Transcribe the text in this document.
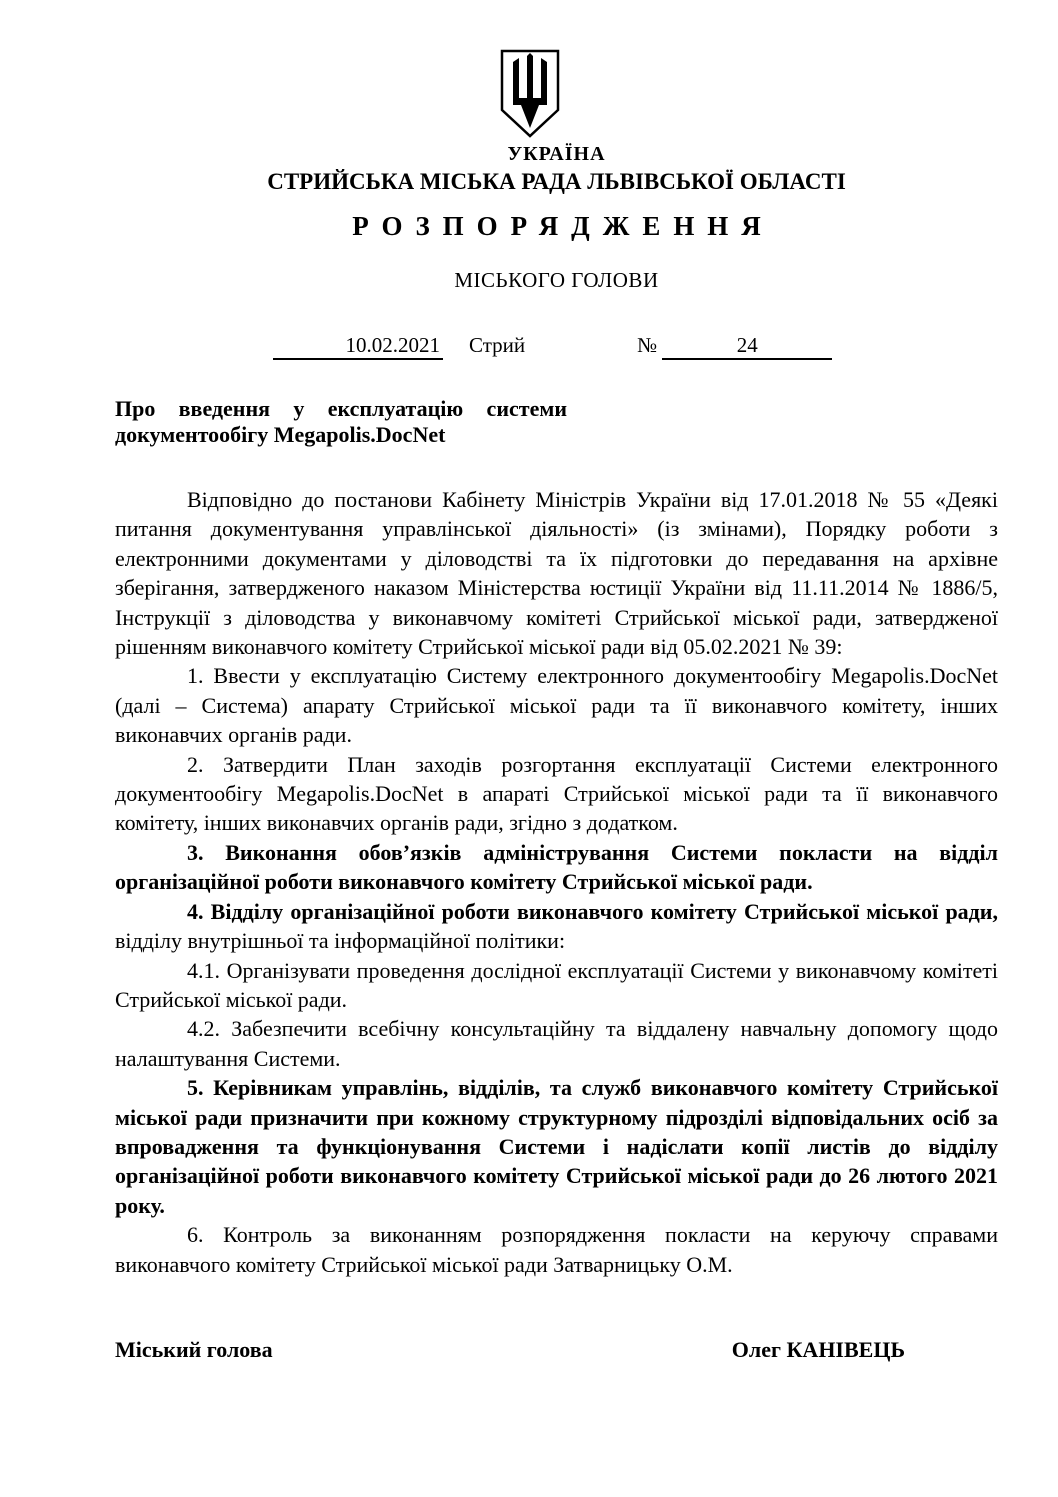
УКРАЇНА
СТРИЙСЬКА МІСЬКА РАДА ЛЬВІВСЬКОЇ ОБЛАСТІ
РОЗПОРЯДЖЕННЯ
МІСЬКОГО ГОЛОВИ
10.02.2021 Стрий	№	24
Про введення у експлуатацію системи документообігу Megapolis.DocNet

Відповідно до постанови Кабінету Міністрів України від 17.01.2018 № 55 «Деякі питання документування управлінської діяльності» (із змінами), Порядку роботи з електронними документами у діловодстві та їх підготовки до передавання на архівне зберігання, затвердженого наказом Міністерства юстиції України від 11.11.2014 № 1886/5, Інструкції з діловодства у виконавчому комітеті Стрийської міської ради, затвердженої рішенням виконавчого комітету Стрийської міської ради від 05.02.2021 № 39:

1. Ввести у експлуатацію Систему електронного документообігу Megapolis.DocNet (далі – Система) апарату Стрийської міської ради та її виконавчого комітету, інших виконавчих органів ради.

2. Затвердити План заходів розгортання експлуатації Системи електронного документообігу Megapolis.DocNet в апараті Стрийської міської ради та її виконавчого комітету, інших виконавчих органів ради, згідно з додатком.

3. Виконання обов’язків адміністрування Системи покласти на відділ організаційної роботи виконавчого комітету Стрийської міської ради.

4. Відділу організаційної роботи виконавчого комітету Стрийської міської ради, відділу внутрішньої та інформаційної політики:

4.1. Організувати проведення дослідної експлуатації Системи у виконавчому комітеті Стрийської міської ради.

4.2. Забезпечити всебічну консультаційну та віддалену навчальну допомогу щодо налаштування Системи.

5. Керівникам управлінь, відділів, та служб виконавчого комітету Стрийської міської ради призначити при кожному структурному підрозділі відповідальних осіб за впровадження та функціонування Системи і надіслати копії листів до відділу організаційної роботи виконавчого комітету Стрийської міської ради до 26 лютого 2021 року.

6. Контроль за виконанням розпорядження покласти на керуючу справами виконавчого комітету Стрийської міської ради Затварницьку О.М.

Міський голова	Олег КАНІВЕЦЬ
